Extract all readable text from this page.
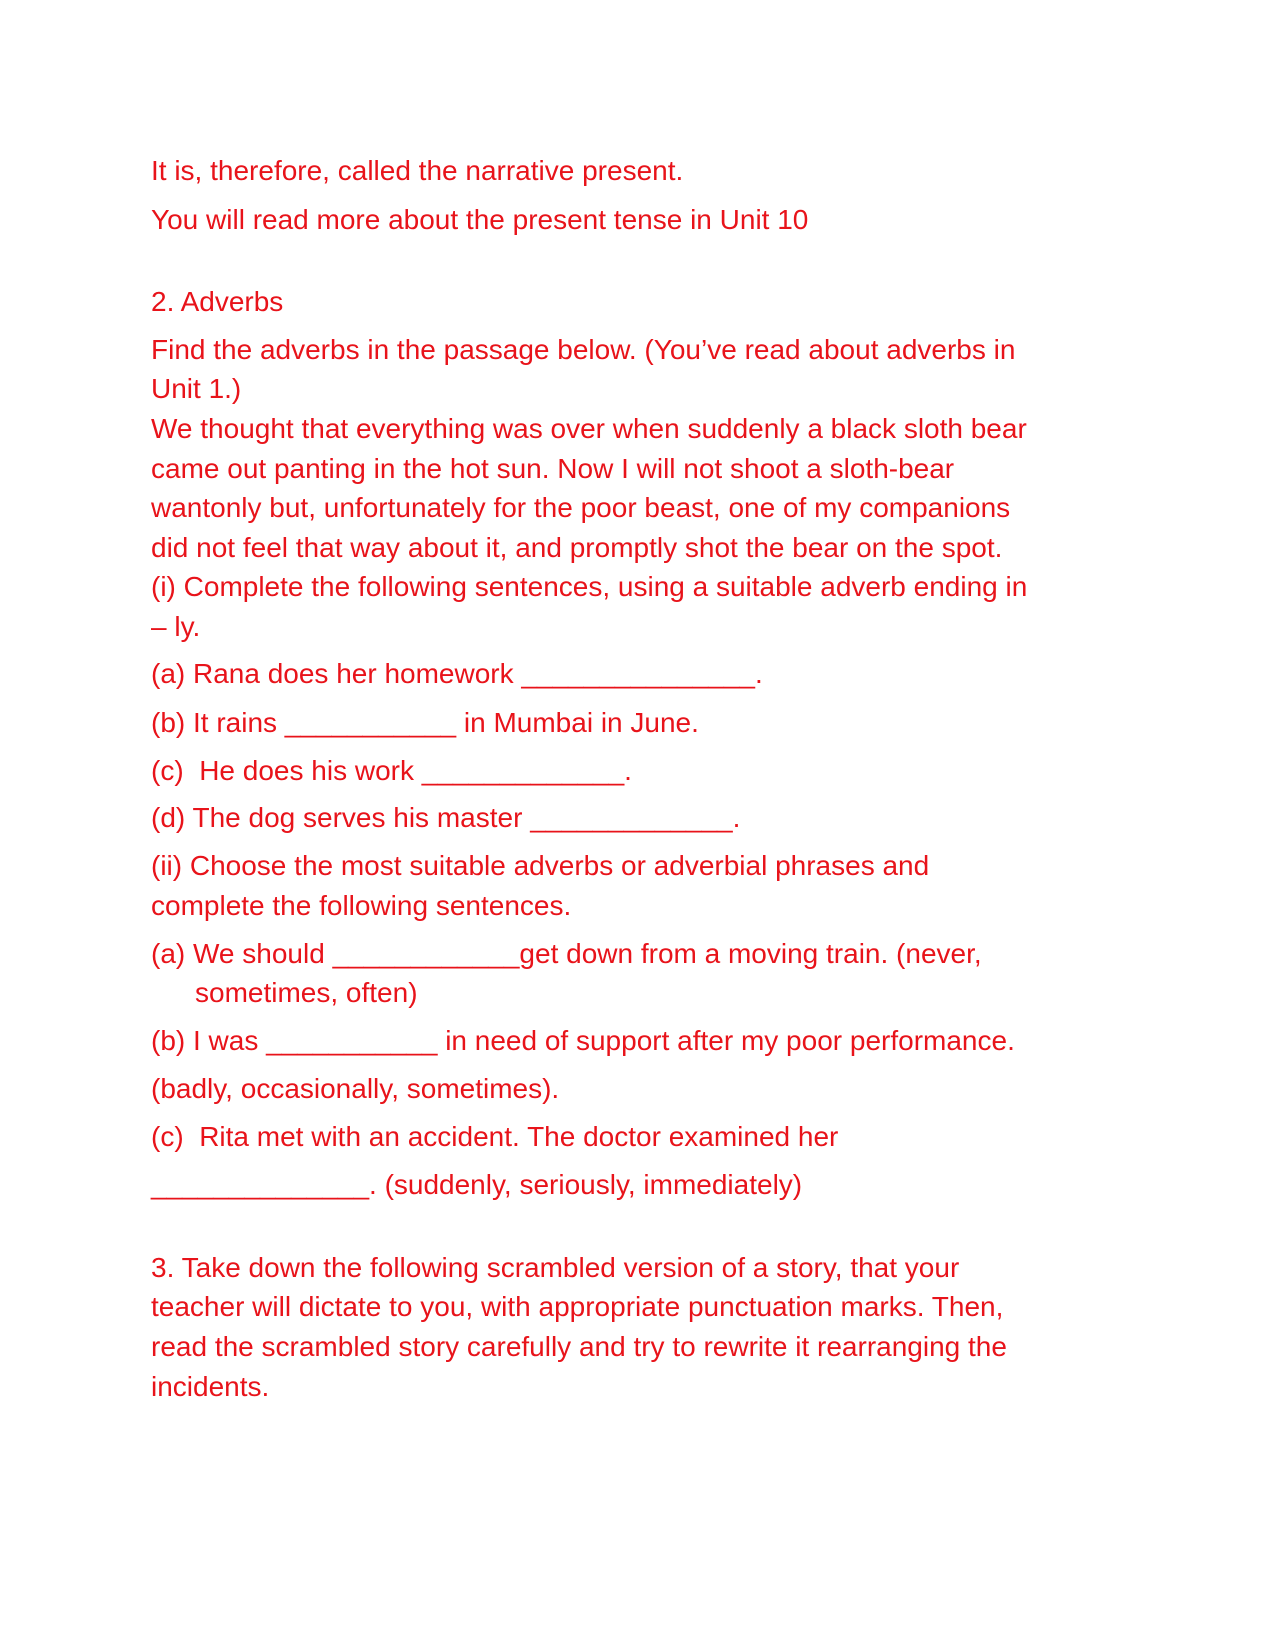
It is, therefore, called the narrative present.

You will read more about the present tense in Unit 10

2. Adverbs

Find the adverbs in the passage below. (You’ve read about adverbs in

Unit 1.)

We thought that everything was over when suddenly a black sloth bear

came out panting in the hot sun. Now I will not shoot a sloth-bear

wantonly but, unfortunately for the poor beast, one of my companions

did not feel that way about it, and promptly shot the bear on the spot.

(i) Complete the following sentences, using a suitable adverb ending in

– ly.

(a) Rana does her homework _______________.

(b) It rains ___________ in Mumbai in June.

(c)  He does his work _____________.

(d) The dog serves his master _____________.

(ii) Choose the most suitable adverbs or adverbial phrases and

complete the following sentences.

(a) We should ____________get down from a moving train. (never,

sometimes, often)

(b) I was ___________ in need of support after my poor performance.

(badly, occasionally, sometimes).

(c)  Rita met with an accident. The doctor examined her

______________. (suddenly, seriously, immediately)

3. Take down the following scrambled version of a story, that your

teacher will dictate to you, with appropriate punctuation marks. Then,

read the scrambled story carefully and try to rewrite it rearranging the

incidents.
